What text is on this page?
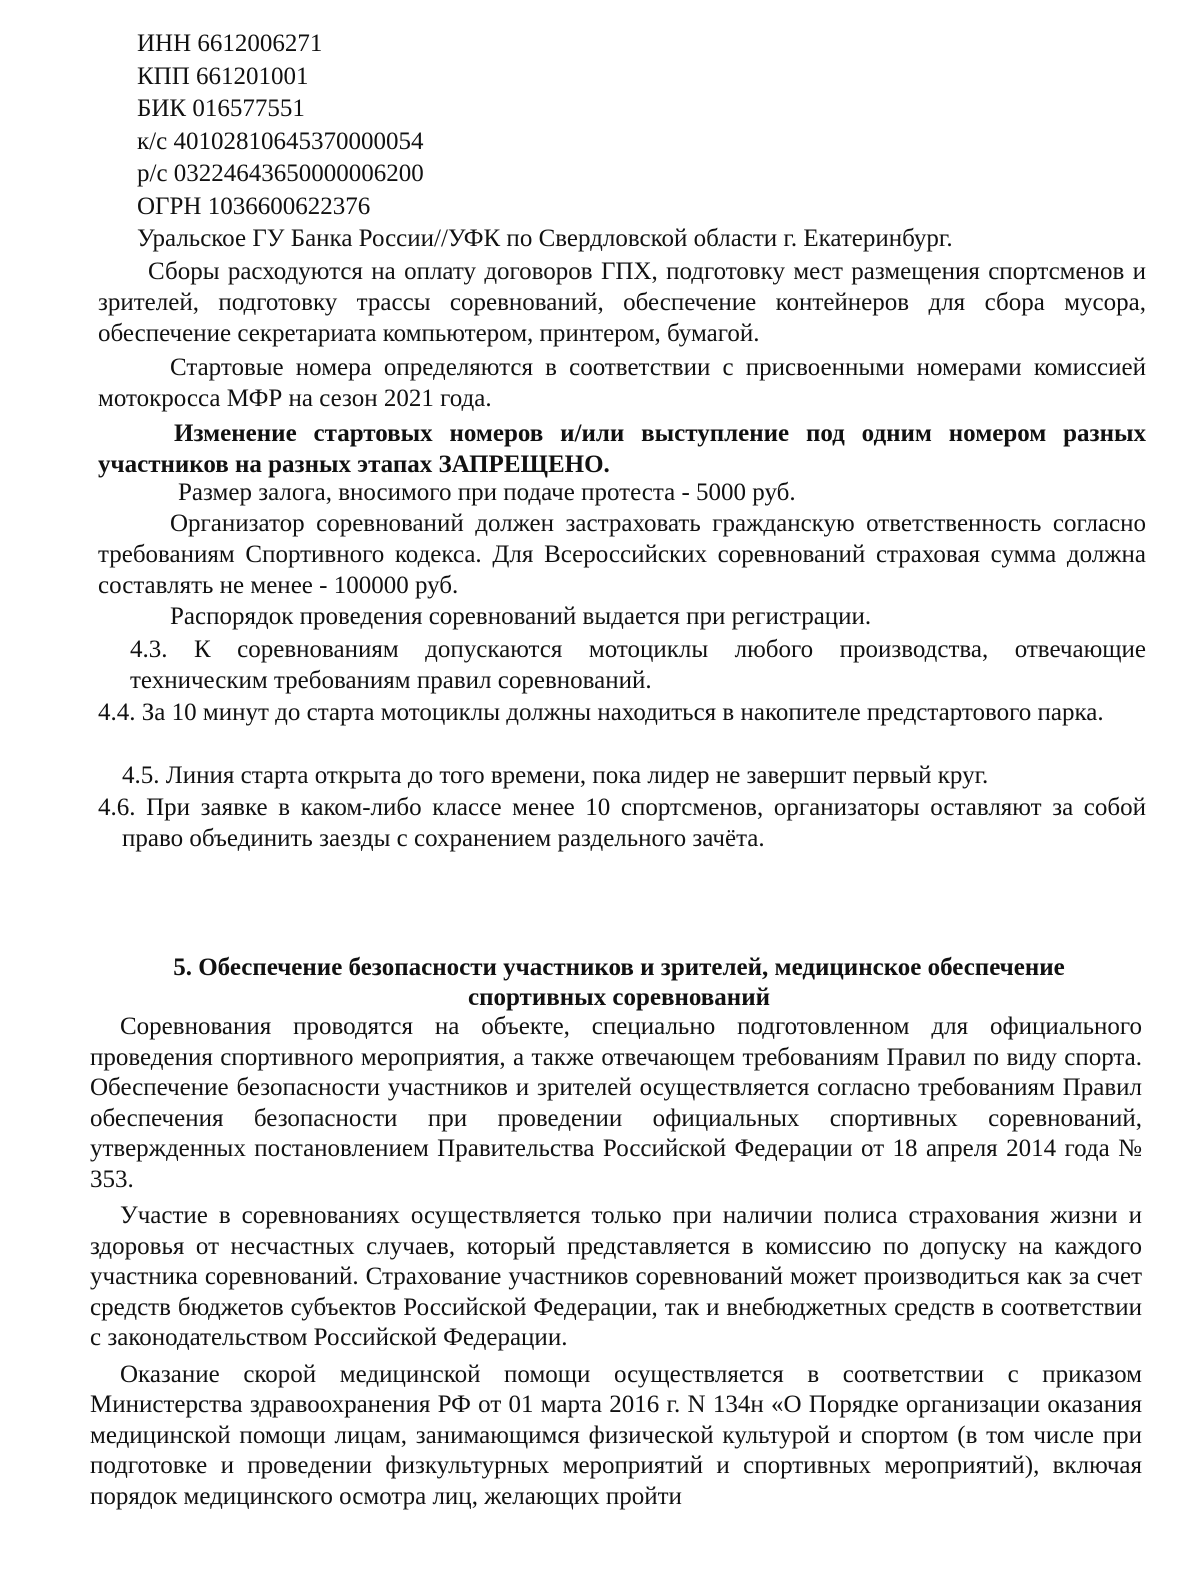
ИНН 6612006271
КПП 661201001
БИК 016577551
к/с 40102810645370000054
р/с 03224643650000006200
ОГРН 1036600622376
Уральское ГУ Банка России//УФК по Свердловской области г. Екатеринбург.

Сборы расходуются на оплату договоров ГПХ, подготовку мест размещения спортсменов и зрителей, подготовку трассы соревнований, обеспечение контейнеров для сбора мусора, обеспечение секретариата компьютером, принтером, бумагой.

Стартовые номера определяются в соответствии с присвоенными номерами комиссией мотокросса МФР на сезон 2021 года.

Изменение стартовых номеров и/или выступление под одним номером разных участников на разных этапах ЗАПРЕЩЕНО.

Размер залога, вносимого при подаче протеста - 5000 руб.

Организатор соревнований должен застраховать гражданскую ответственность согласно требованиям Спортивного кодекса. Для Всероссийских соревнований страховая сумма должна составлять не менее - 100000 руб.

Распорядок проведения соревнований выдается при регистрации.

4.3. К соревнованиям допускаются мотоциклы любого производства, отвечающие техническим требованиям правил соревнований.

4.4. За 10 минут до старта мотоциклы должны находиться в накопителе предстартового парка.

4.5. Линия старта открыта до того времени, пока лидер не завершит первый круг.

4.6. При заявке в каком-либо классе менее 10 спортсменов, организаторы оставляют за собой право объединить заезды с сохранением раздельного зачёта.

5. Обеспечение безопасности участников и зрителей, медицинское обеспечение
спортивных соревнований

Соревнования проводятся на объекте, специально подготовленном для официального проведения спортивного мероприятия, а также отвечающем требованиям Правил по виду спорта. Обеспечение безопасности участников и зрителей осуществляется согласно требованиям Правил обеспечения безопасности при проведении официальных спортивных соревнований, утвержденных постановлением Правительства Российской Федерации от 18 апреля 2014 года № 353.

Участие в соревнованиях осуществляется только при наличии полиса страхования жизни и здоровья от несчастных случаев, который представляется в комиссию по допуску на каждого участника соревнований. Страхование участников соревнований может производиться как за счет средств бюджетов субъектов Российской Федерации, так и внебюджетных средств в соответствии с законодательством Российской Федерации.

Оказание скорой медицинской помощи осуществляется в соответствии с приказом Министерства здравоохранения РФ от 01 марта 2016 г. N 134н «О Порядке организации оказания медицинской помощи лицам, занимающимся физической культурой и спортом (в том числе при подготовке и проведении физкультурных мероприятий и спортивных мероприятий), включая порядок медицинского осмотра лиц, желающих пройти
